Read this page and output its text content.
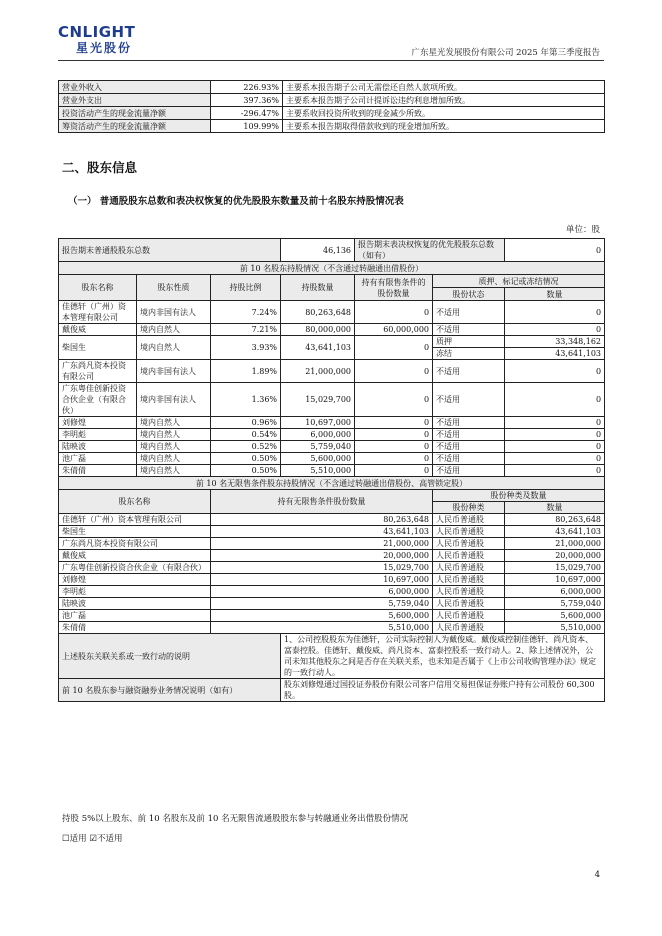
CNLIGHT
星光股份	广东星光发展股份有限公司 2025 年第三季度报告
营业外收入	226.93%	主要系本报告期子公司无需偿还自然人款项所致。
营业外支出	397.36%	主要系本报告期子公司计提诉讼违约利息增加所致。
投资活动产生的现金流量净额	-296.47%	主要系收回投资所收到的现金减少所致。
筹资活动产生的现金流量净额	109.99%	主要系本报告期取得借款收到的现金增加所致。
二、股东信息
（一） 普通股股东总数和表决权恢复的优先股股东数量及前十名股东持股情况表
单位：股
报告期末普通股股东总数			46,136	报告期末表决权恢复的优先股股东总数（如有）		0
前 10 名股东持股情况（不含通过转融通出借股份）						
股东名称	股东性质	持股比例	持股数量	持有有限售条件的股份数量	质押、标记或冻结情况	
					股份状态	数量
佳德轩（广州）资本管理有限公司	境内非国有法人	7.24%	80,263,648	0	不适用	0
戴俊威	境内自然人	7.21%	80,000,000	60,000,000	不适用	0
柴国生	境内自然人	3.93%	43,641,103	0	质押	33,348,162
					冻结	43,641,103
广东尚凡资本投资有限公司	境内非国有法人	1.89%	21,000,000	0	不适用	0
广东粤佳创新投资合伙企业（有限合伙）	境内非国有法人	1.36%	15,029,700	0	不适用	0
刘修煌	境内自然人	0.96%	10,697,000	0	不适用	0
李明彪	境内自然人	0.54%	6,000,000	0	不适用	0
陆映波	境内自然人	0.52%	5,759,040	0	不适用	0
池广磊	境内自然人	0.50%	5,600,000	0	不适用	0
朱倩倩	境内自然人	0.50%	5,510,000	0	不适用	0
前 10 名无限售条件股东持股情况（不含通过转融通出借股份、高管锁定股）						
股东名称		持有无限售条件股份数量			股份种类及数量	
					股份种类	数量
佳德轩（广州）资本管理有限公司		80,263,648			人民币普通股	80,263,648
柴国生		43,641,103			人民币普通股	43,641,103
广东尚凡资本投资有限公司		21,000,000			人民币普通股	21,000,000
戴俊威		20,000,000			人民币普通股	20,000,000
广东粤佳创新投资合伙企业（有限合伙）		15,029,700			人民币普通股	15,029,700
刘修煌		10,697,000			人民币普通股	10,697,000
李明彪		6,000,000			人民币普通股	6,000,000
陆映波		5,759,040			人民币普通股	5,759,040
池广磊		5,600,000			人民币普通股	5,600,000
朱倩倩		5,510,000			人民币普通股	5,510,000
上述股东关联关系或一致行动的说明			1、公司控股股东为佳德轩，公司实际控制人为戴俊威。戴俊威控制佳德轩、尚凡资本、富泰控股。佳德轩、戴俊威、尚凡资本、富泰控股系一致行动人。2、除上述情况外，公司未知其他股东之间是否存在关联关系，也未知是否属于《上市公司收购管理办法》规定的一致行动人。			
前 10 名股东参与融资融券业务情况说明（如有）			股东刘修煌通过国投证券股份有限公司客户信用交易担保证券账户持有公司股份 60,300 股。			
持股 5%以上股东、前 10 名股东及前 10 名无限售流通股股东参与转融通业务出借股份情况
☐适用 ☑不适用
4
